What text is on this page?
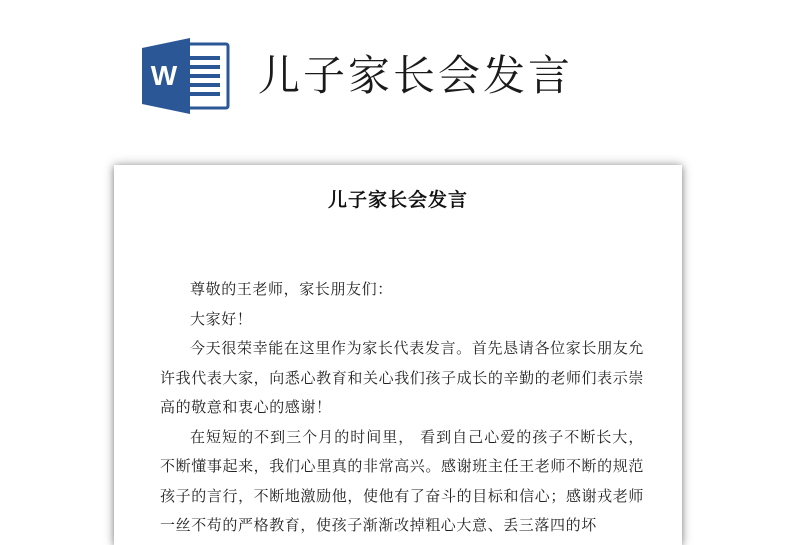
W 儿子家长会发言
儿子家长会发言

尊敬的王老师，家长朋友们：

大家好！

今天很荣幸能在这里作为家长代表发言。首先恳请各位家长朋友允许我代表大家，向悉心教育和关心我们孩子成长的辛勤的老师们表示崇高的敬意和衷心的感谢！

在短短的不到三个月的时间里， 看到自己心爱的孩子不断长大，不断懂事起来，我们心里真的非常高兴。感谢班主任王老师不断的规范孩子的言行，不断地激励他，使他有了奋斗的目标和信心；感谢戎老师一丝不苟的严格教育，使孩子渐渐改掉粗心大意、丢三落四的坏
